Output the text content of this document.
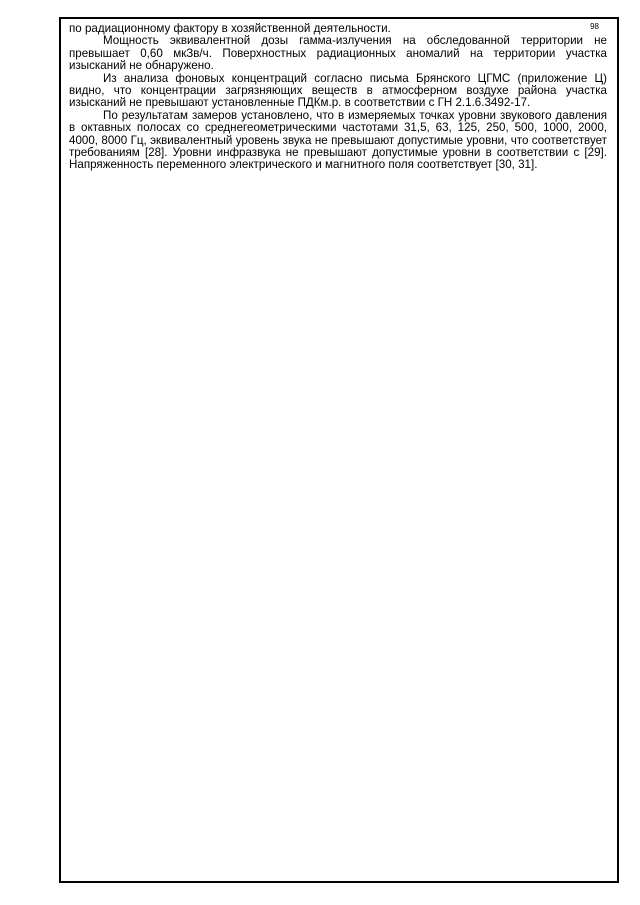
98

по радиационному фактору в хозяйственной деятельности.

Мощность эквивалентной дозы гамма-излучения на обследованной территории не превышает 0,60 мкЗв/ч. Поверхностных радиационных аномалий на территории участка изысканий не обнаружено.

Из анализа фоновых концентраций согласно письма Брянского ЦГМС (приложение Ц) видно, что концентрации загрязняющих веществ в атмосферном воздухе района участка изысканий не превышают установленные ПДКм.р. в соответствии с ГН 2.1.6.3492-17.

По результатам замеров установлено, что в измеряемых точках уровни звукового давления в октавных полосах со среднегеометрическими частотами 31,5, 63, 125, 250, 500, 1000, 2000, 4000, 8000 Гц, эквивалентный уровень звука не превышают допустимые уровни, что соответствует требованиям [28]. Уровни инфразвука не превышают допустимые уровни в соответствии с [29]. Напряженность переменного электрического и магнитного поля соответствует [30, 31].
